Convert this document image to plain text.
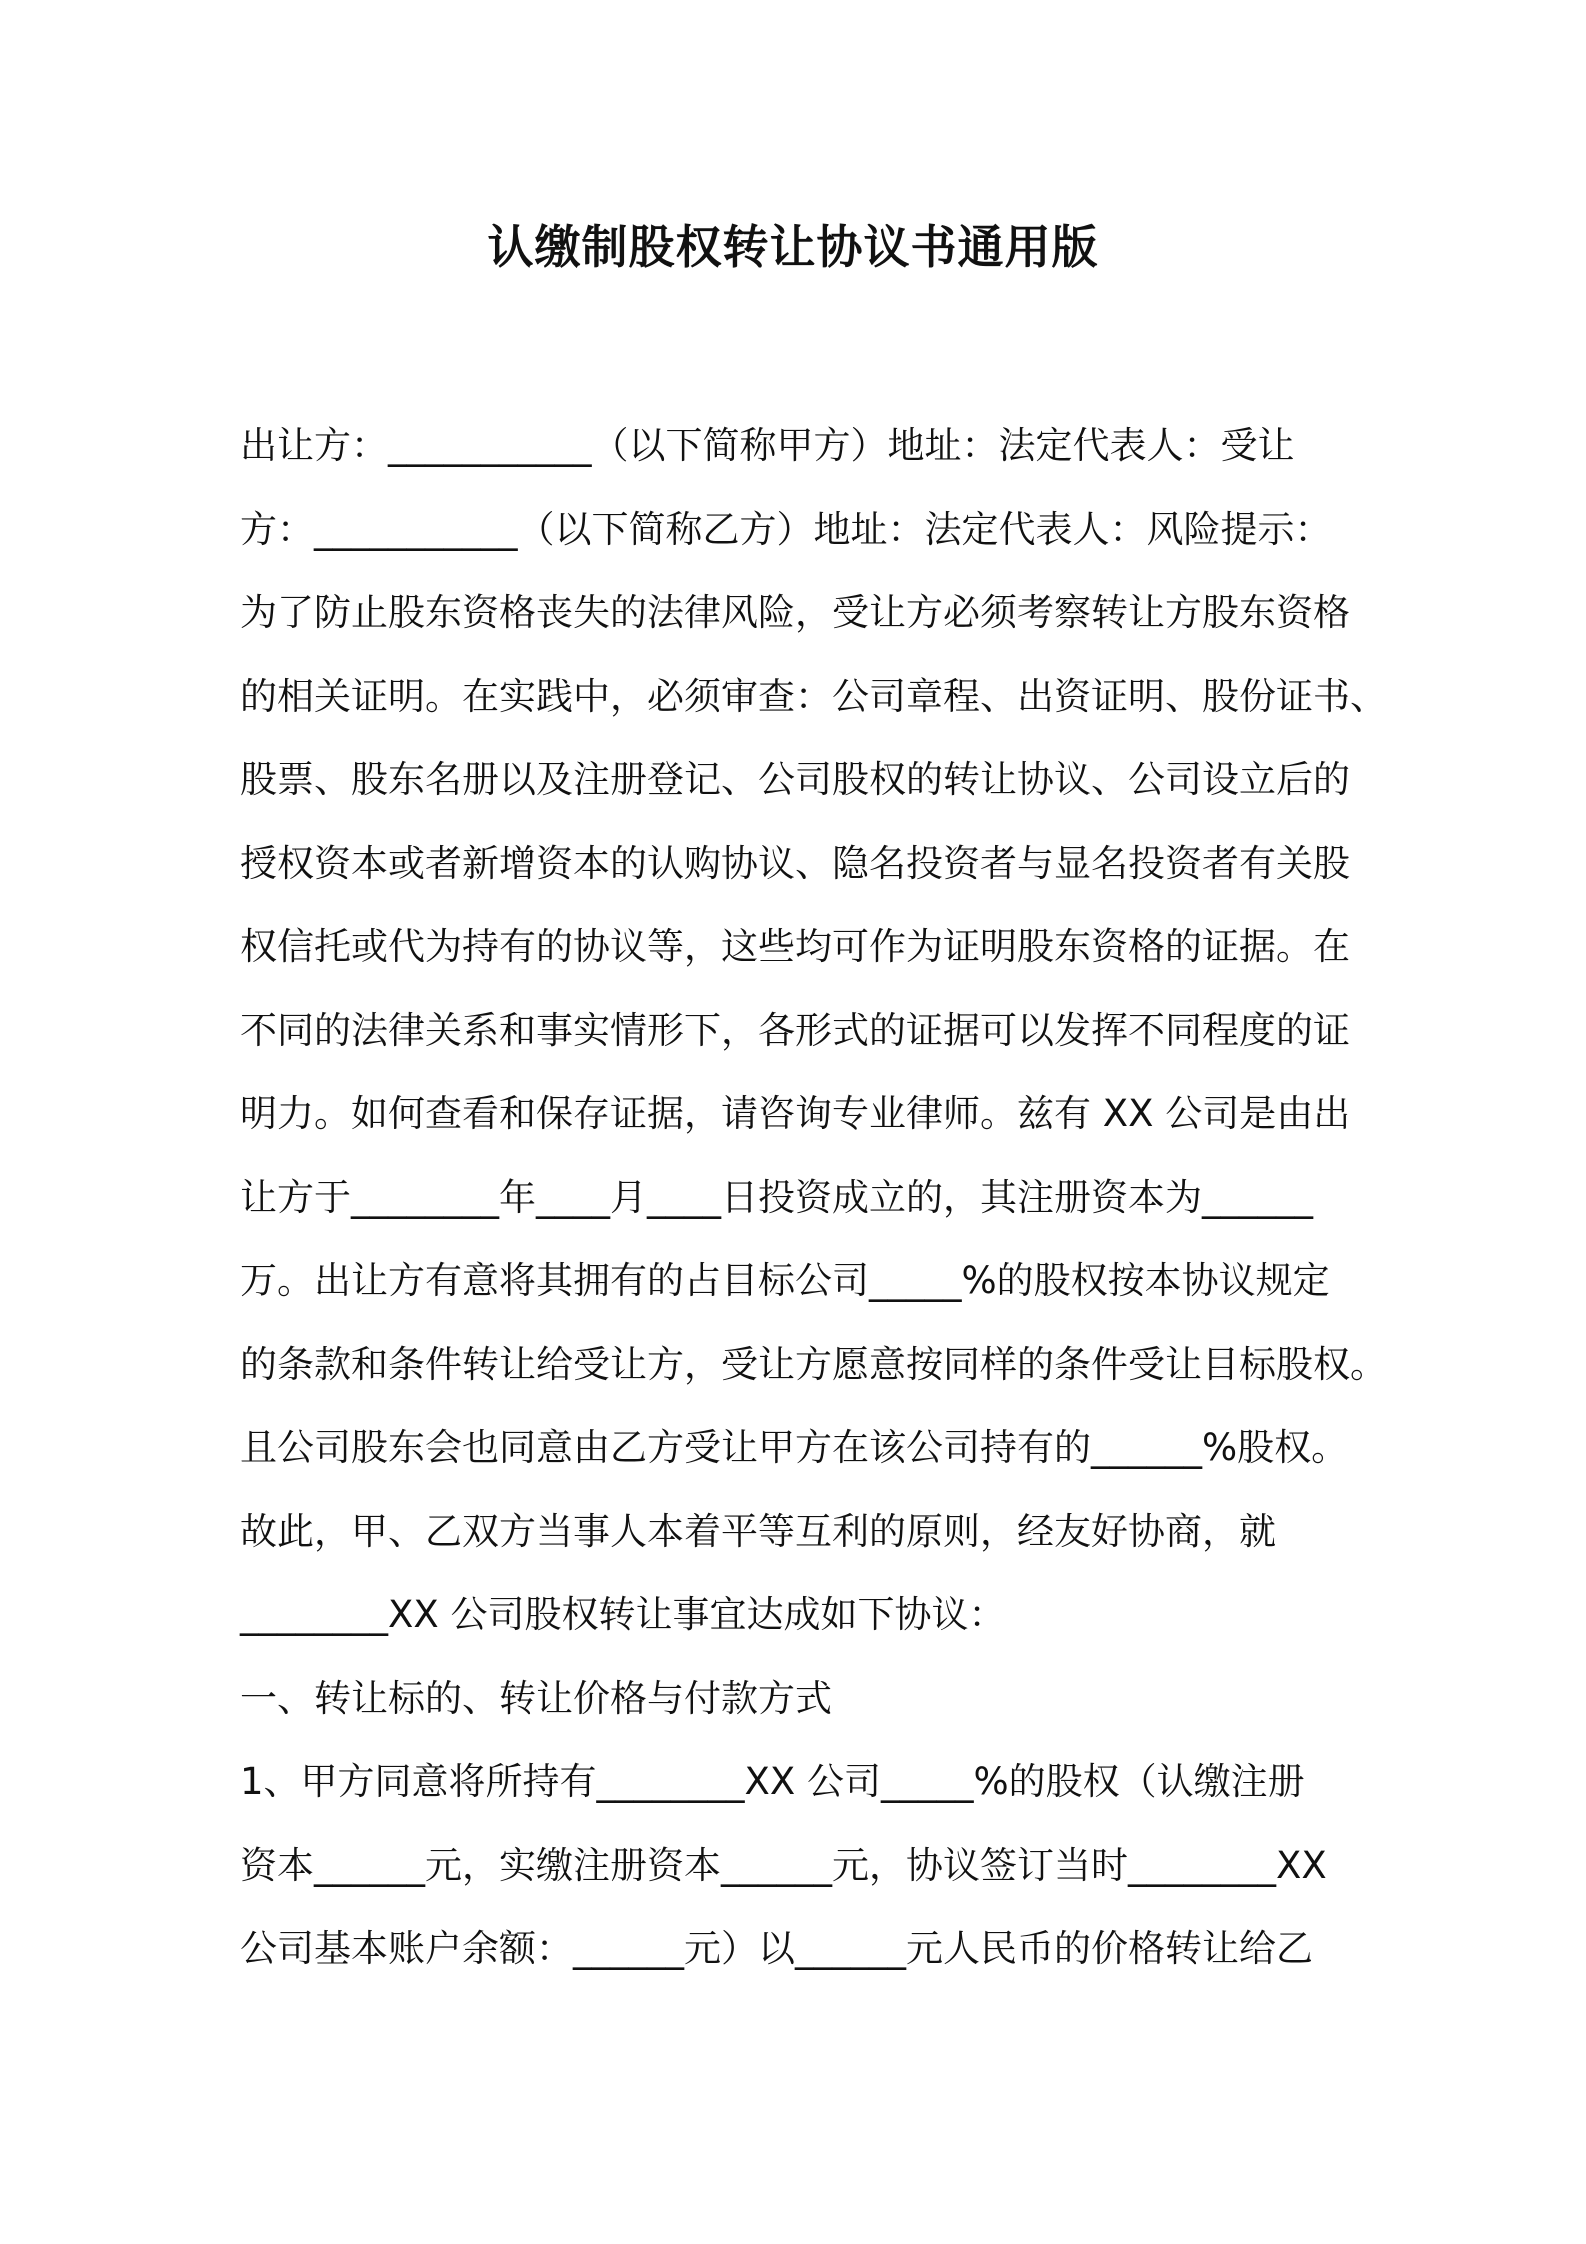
认缴制股权转让协议书通用版
出让方：___________（以下简称甲方）地址：法定代表人：受让
方：___________（以下简称乙方）地址：法定代表人：风险提示：
为了防止股东资格丧失的法律风险，受让方必须考察转让方股东资格
的相关证明。在实践中，必须审查：公司章程、出资证明、股份证书、
股票、股东名册以及注册登记、公司股权的转让协议、公司设立后的
授权资本或者新增资本的认购协议、隐名投资者与显名投资者有关股
权信托或代为持有的协议等，这些均可作为证明股东资格的证据。在
不同的法律关系和事实情形下，各形式的证据可以发挥不同程度的证
明力。如何查看和保存证据，请咨询专业律师。兹有 XX 公司是由出
让方于________年____月____日投资成立的，其注册资本为______
万。出让方有意将其拥有的占目标公司_____%的股权按本协议规定
的条款和条件转让给受让方，受让方愿意按同样的条件受让目标股权。
且公司股东会也同意由乙方受让甲方在该公司持有的______%股权。
故此，甲、乙双方当事人本着平等互利的原则，经友好协商，就
________XX 公司股权转让事宜达成如下协议：
一、转让标的、转让价格与付款方式
1、甲方同意将所持有________XX 公司_____%的股权（认缴注册
资本______元，实缴注册资本______元，协议签订当时________XX
公司基本账户余额：______元）以______元人民币的价格转让给乙
